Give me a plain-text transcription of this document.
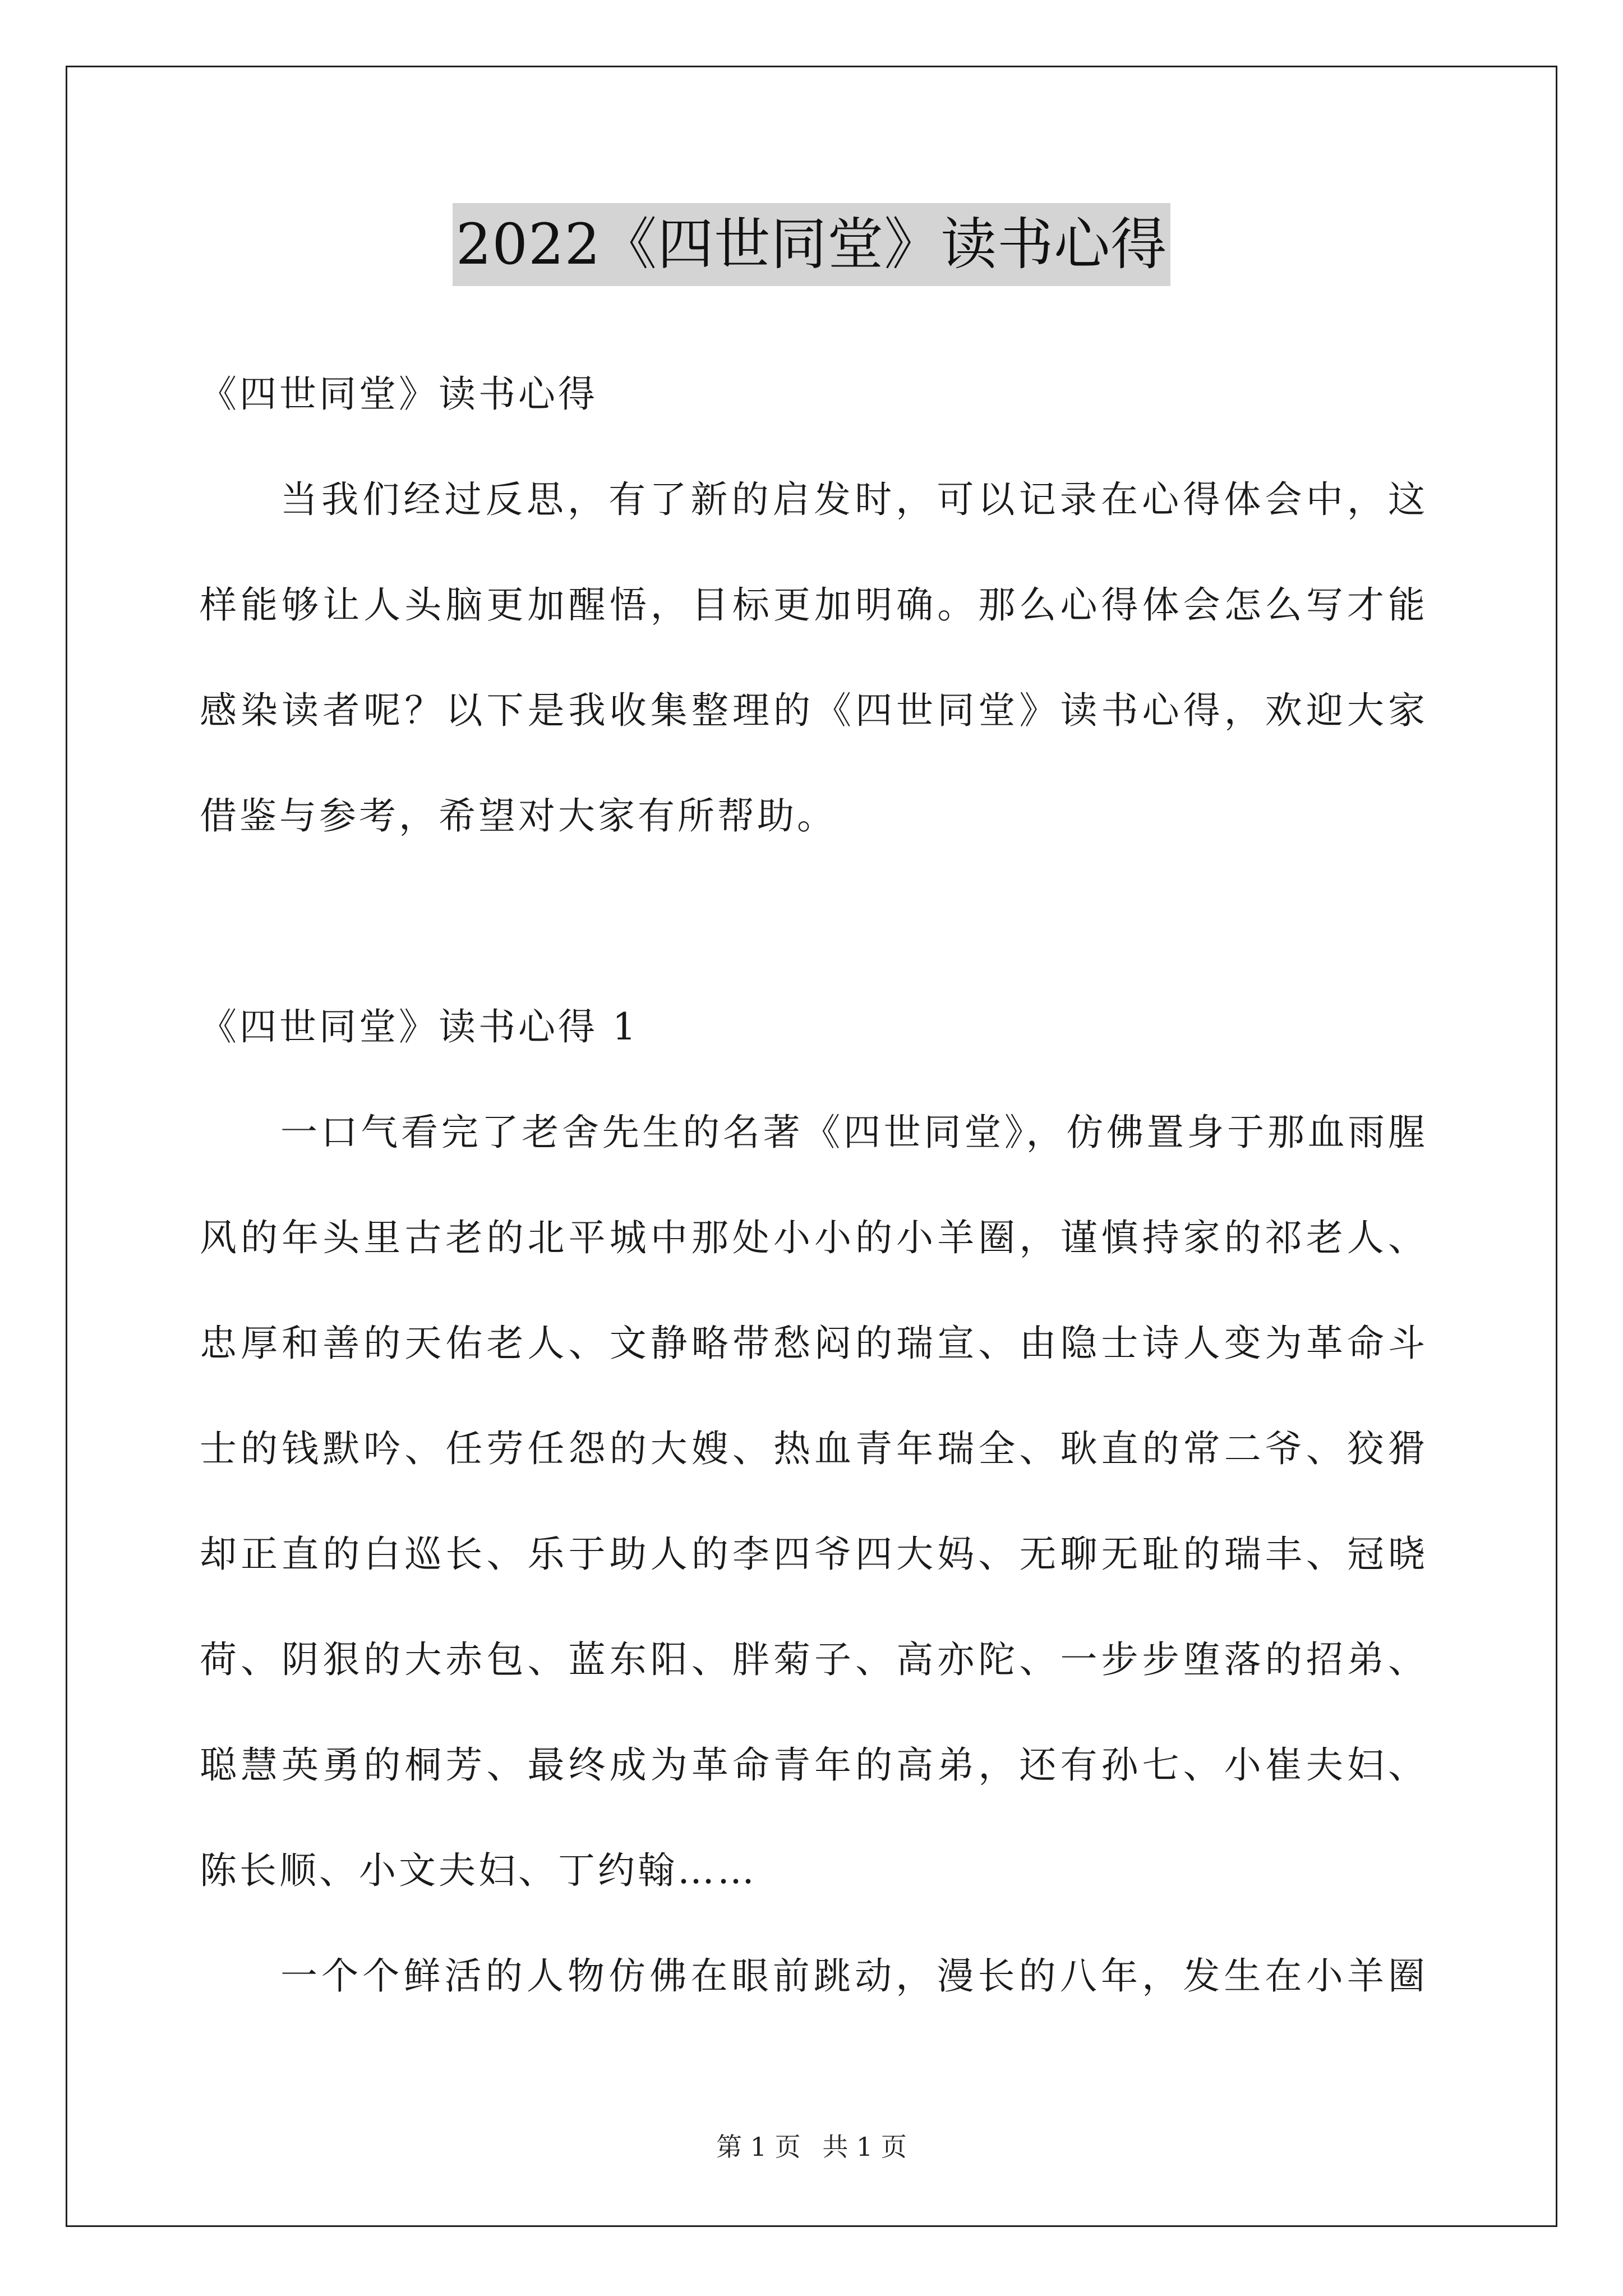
2022《四世同堂》读书心得
《四世同堂》读书心得
当我们经过反思，有了新的启发时，可以记录在心得体会中，这
样能够让人头脑更加醒悟，目标更加明确。那么心得体会怎么写才能
感染读者呢？以下是我收集整理的《四世同堂》读书心得，欢迎大家
借鉴与参考，希望对大家有所帮助。
《四世同堂》读书心得 1
一口气看完了老舍先生的名著《四世同堂》，仿佛置身于那血雨腥
风的年头里古老的北平城中那处小小的小羊圈，谨慎持家的祁老人、
忠厚和善的天佑老人、文静略带愁闷的瑞宣、由隐士诗人变为革命斗
士的钱默吟、任劳任怨的大嫂、热血青年瑞全、耿直的常二爷、狡猾
却正直的白巡长、乐于助人的李四爷四大妈、无聊无耻的瑞丰、冠晓
荷、阴狠的大赤包、蓝东阳、胖菊子、高亦陀、一步步堕落的招弟、
聪慧英勇的桐芳、最终成为革命青年的高弟，还有孙七、小崔夫妇、
陈长顺、小文夫妇、丁约翰……
一个个鲜活的人物仿佛在眼前跳动，漫长的八年，发生在小羊圈
第 1 页 共 1 页
